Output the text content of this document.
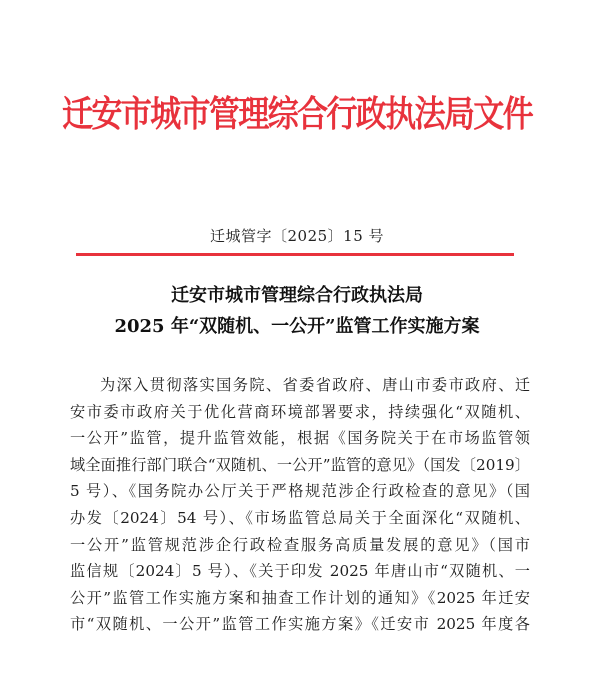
迁安市城市管理综合行政执法局文件
迁城管字〔2025〕15 号
迁安市城市管理综合行政执法局
2025 年“双随机、一公开”监管工作实施方案
为深入贯彻落实国务院、省委省政府、唐山市委市政府、迁
安市委市政府关于优化营商环境部署要求，持续强化“双随机、
一公开”监管，提升监管效能，根据《国务院关于在市场监管领
域全面推行部门联合“双随机、一公开”监管的意见》（国发〔2019〕
5 号）、《国务院办公厅关于严格规范涉企行政检查的意见》（国
办发〔2024〕54 号）、《市场监管总局关于全面深化“双随机、
一公开”监管规范涉企行政检查服务高质量发展的意见》（国市
监信规〔2024〕5 号）、《关于印发 2025 年唐山市“双随机、一
公开”监管工作实施方案和抽查工作计划的通知》《2025 年迁安
市“双随机、一公开”监管工作实施方案》《迁安市 2025 年度各
